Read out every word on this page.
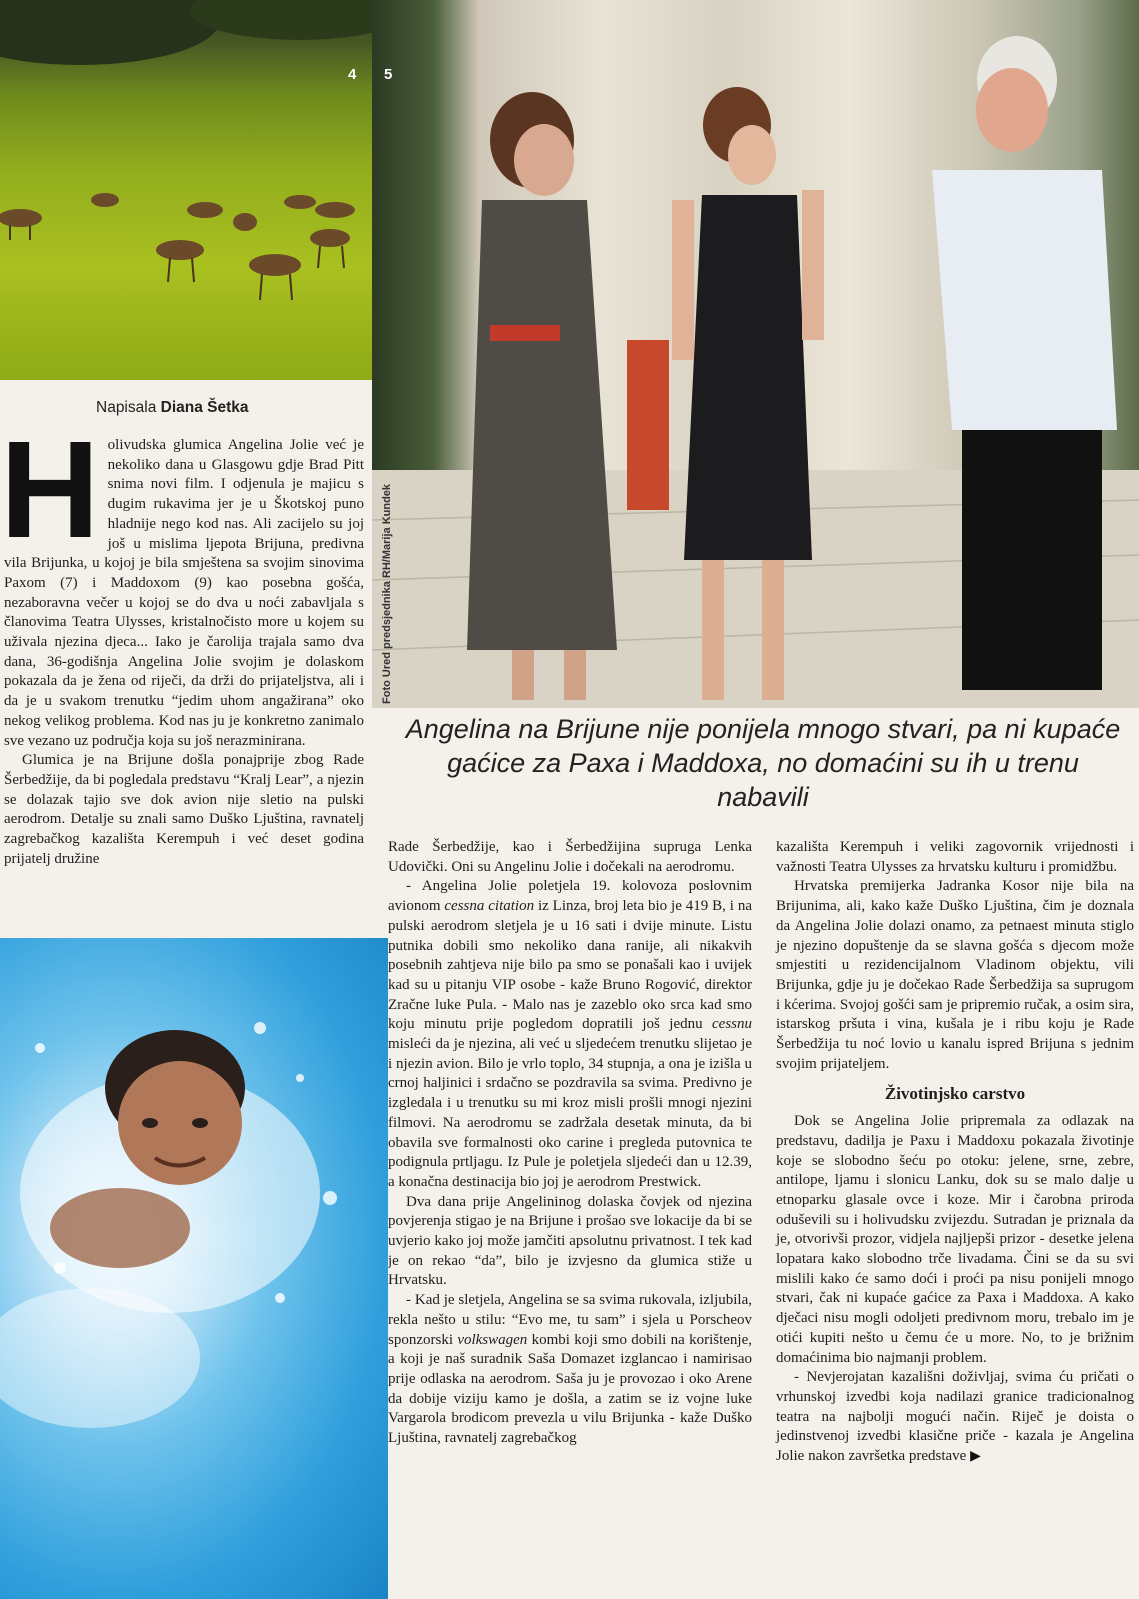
4 5
Foto Ured predsjednika RH/Marija Kundek
Napisala Diana Šetka
Angelina na Brijune nije ponijela mnogo stvari, pa ni kupaće gaćice za Paxa i Maddoxa, no domaćini su ih u trenu nabavili

Holivudska glumica Angelina Jolie već je nekoliko dana u Glasgowu gdje Brad Pitt snima novi film. I odjenula je majicu s dugim rukavima jer je u Škotskoj puno hladnije nego kod nas. Ali zacijelo su joj još u mislima ljepota Brijuna, predivna vila Brijunka, u kojoj je bila smještena sa svojim sinovima Paxom (7) i Maddoxom (9) kao posebna gošća, nezaboravna večer u kojoj se do dva u noći zabavljala s članovima Teatra Ulysses, kristalnočisto more u kojem su uživala njezina djeca... Iako je čarolija trajala samo dva dana, 36-godišnja Angelina Jolie svojim je dolaskom pokazala da je žena od riječi, da drži do prijateljstva, ali i da je u svakom trenutku “jedim uhom angažirana” oko nekog velikog problema. Kod nas ju je konkretno zanimalo sve vezano uz područja koja su još nerazminirana.

Glumica je na Brijune došla ponajprije zbog Rade Šerbedžije, da bi pogledala predstavu “Kralj Lear”, a njezin se dolazak tajio sve dok avion nije sletio na pulski aerodrom. Detalje su znali samo Duško Ljuština, ravnatelj zagrebačkog kazališta Kerempuh i već deset godina prijatelj družine

Rade Šerbedžije, kao i Šerbedžijina supruga Lenka Udovički. Oni su Angelinu Jolie i dočekali na aerodromu.

- Angelina Jolie poletjela 19. kolovoza poslovnim avionom cessna citation iz Linza, broj leta bio je 419 B, i na pulski aerodrom sletjela je u 16 sati i dvije minute. Listu putnika dobili smo nekoliko dana ranije, ali nikakvih posebnih zahtjeva nije bilo pa smo se ponašali kao i uvijek kad su u pitanju VIP osobe - kaže Bruno Rogović, direktor Zračne luke Pula. - Malo nas je zazeblo oko srca kad smo koju minutu prije pogledom dopratili još jednu cessnu misleći da je njezina, ali već u sljedećem trenutku slijetao je i njezin avion. Bilo je vrlo toplo, 34 stupnja, a ona je izišla u crnoj haljinici i srdačno se pozdravila sa svima. Predivno je izgledala i u trenutku su mi kroz misli prošli mnogi njezini filmovi. Na aerodromu se zadržala desetak minuta, da bi obavila sve formalnosti oko carine i pregleda putovnica te podignula prtljagu. Iz Pule je poletjela sljedeći dan u 12.39, a konačna destinacija bio joj je aerodrom Prestwick.

Dva dana prije Angelininog dolaska čovjek od njezina povjerenja stigao je na Brijune i prošao sve lokacije da bi se uvjerio kako joj može jamčiti apsolutnu privatnost. I tek kad je on rekao “da”, bilo je izvjesno da glumica stiže u Hrvatsku.

- Kad je sletjela, Angelina se sa svima rukovala, izljubila, rekla nešto u stilu: “Evo me, tu sam” i sjela u Porscheov sponzorski volkswagen kombi koji smo dobili na korištenje, a koji je naš suradnik Saša Domazet izglancao i namirisao prije odlaska na aerodrom. Saša ju je provozao i oko Arene da dobije viziju kamo je došla, a zatim se iz vojne luke Vargarola brodicom prevezla u vilu Brijunka - kaže Duško Ljuština, ravnatelj zagrebačkog

kazališta Kerempuh i veliki zagovornik vrijednosti i važnosti Teatra Ulysses za hrvatsku kulturu i promidžbu.

Hrvatska premijerka Jadranka Kosor nije bila na Brijunima, ali, kako kaže Duško Ljuština, čim je doznala da Angelina Jolie dolazi onamo, za petnaest minuta stiglo je njezino dopuštenje da se slavna gošća s djecom može smjestiti u rezidencijalnom Vladinom objektu, vili Brijunka, gdje ju je dočekao Rade Šerbedžija sa suprugom i kćerima. Svojoj gošći sam je pripremio ručak, a osim sira, istarskog pršuta i vina, kušala je i ribu koju je Rade Šerbedžija tu noć lovio u kanalu ispred Brijuna s jednim svojim prijateljem.

Životinjsko carstvo

Dok se Angelina Jolie pripremala za odlazak na predstavu, dadilja je Paxu i Maddoxu pokazala životinje koje se slobodno šeću po otoku: jelene, srne, zebre, antilope, ljamu i slonicu Lanku, dok su se malo dalje u etnoparku glasale ovce i koze. Mir i čarobna priroda oduševili su i holivudsku zvijezdu. Sutradan je priznala da je, otvorivši prozor, vidjela najljepši prizor - desetke jelena lopatara kako slobodno trče livadama. Čini se da su svi mislili kako će samo doći i proći pa nisu ponijeli mnogo stvari, čak ni kupaće gaćice za Paxa i Maddoxa. A kako dječaci nisu mogli odoljeti predivnom moru, trebalo im je otići kupiti nešto u čemu će u more. No, to je brižnim domaćinima bio najmanji problem.

- Nevjerojatan kazališni doživljaj, svima ću pričati o vrhunskoj izvedbi koja nadilazi granice tradicionalnog teatra na najbolji mogući način. Riječ je doista o jedinstvenoj izvedbi klasične priče - kazala je Angelina Jolie nakon završetka predstave ▶
